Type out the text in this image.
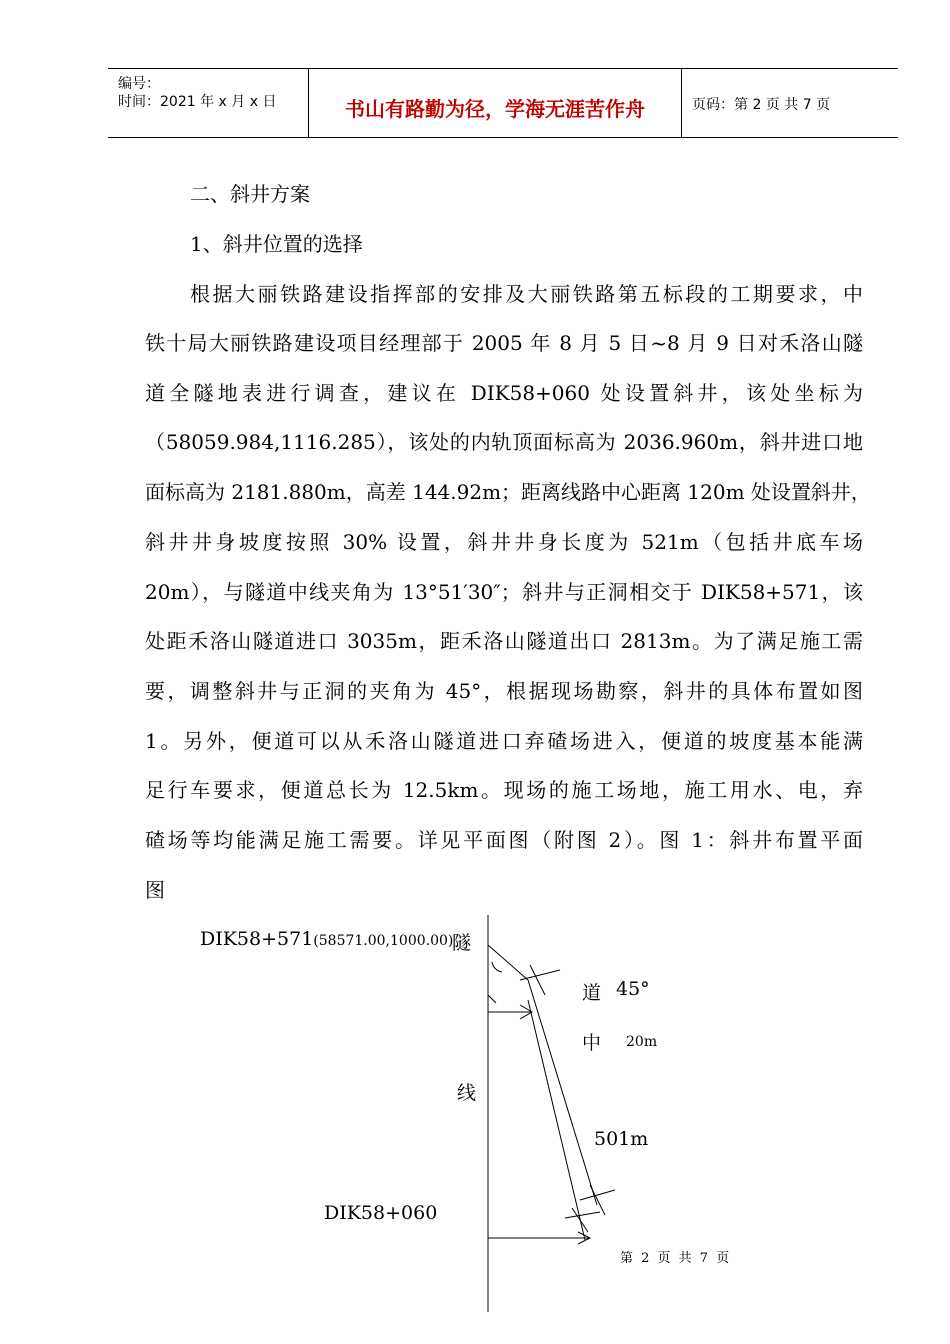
编号：
时间：2021 年 x 月 x 日	书山有路勤为径，学海无涯苦作舟	页码：第 2 页 共 7 页
二、斜井方案
1、斜井位置的选择
根据大丽铁路建设指挥部的安排及大丽铁路第五标段的工期要求，中
铁十局大丽铁路建设项目经理部于 2005 年 8 月 5 日~8 月 9 日对禾洛山隧
道全隧地表进行调查，建议在 DIK58+060 处设置斜井，该处坐标为
（58059.984,1116.285），该处的内轨顶面标高为 2036.960m，斜井进口地
面标高为 2181.880m，高差 144.92m；距离线路中心距离 120m 处设置斜井，
斜井井身坡度按照 30% 设置，斜井井身长度为 521m（包括井底车场
20m），与隧道中线夹角为 13°51′30″；斜井与正洞相交于 DIK58+571，该
处距禾洛山隧道进口 3035m，距禾洛山隧道出口 2813m。为了满足施工需
要，调整斜井与正洞的夹角为 45°，根据现场勘察，斜井的具体布置如图
1。另外，便道可以从禾洛山隧道进口弃碴场进入，便道的坡度基本能满
足行车要求，便道总长为 12.5km。现场的施工场地，施工用水、电，弃
碴场等均能满足施工需要。详见平面图（附图 2）。图 1：斜井布置平面
图
DIK58+571(58571.00,1000.00)
隧
道 45°
中 20m
线
501m
DIK58+060
第 2 页 共 7 页
